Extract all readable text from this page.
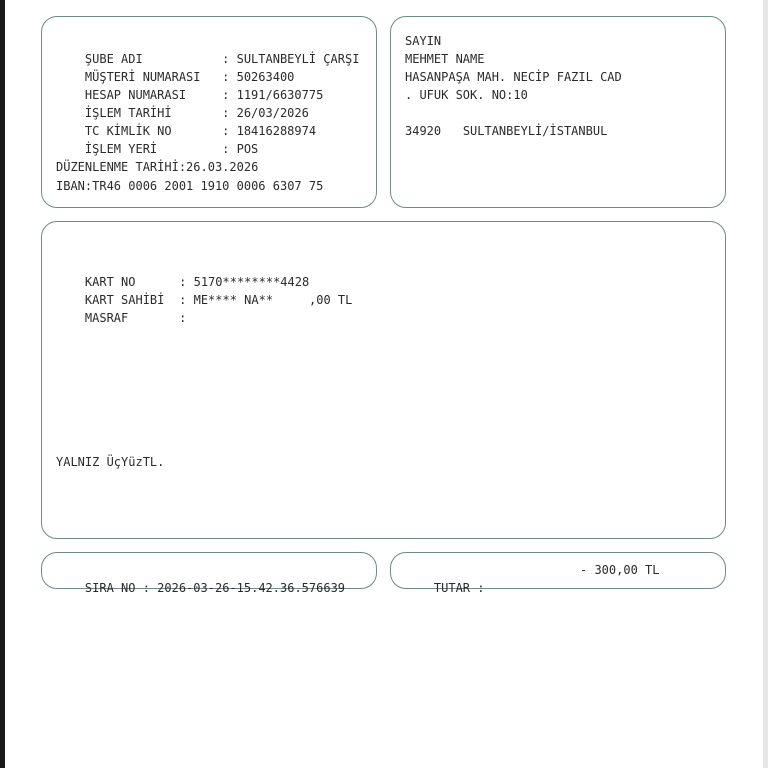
ŞUBE ADI	: SULTANBEYLİ ÇARŞI

MÜŞTERİ NUMARASI : 50263400

HESAP NUMARASI : 1191/6630775

İŞLEM TARİHİ	: 26/03/2026

TC KİMLİK NO	: 18416288974

İŞLEM YERİ	: POS

DÜZENLENME TARİHİ:26.03.2026
IBAN:TR46 0006 2001 1910 0006 6307 75
SAYIN
MEHMET NAME
HASANPAŞA MAH. NECİP FAZIL CAD
. UFUK SOK. NO:10
34920 SULTANBEYLİ/İSTANBUL

KART NO	: 5170********4428

KART SAHİBİ : ME**** NA**

MASRAF	:

,00 TL
YALNIZ ÜçYüzTL.

SIRA NO : 2026-03-26-15.42.36.576639
	TUTAR :

- 300,00 TL
